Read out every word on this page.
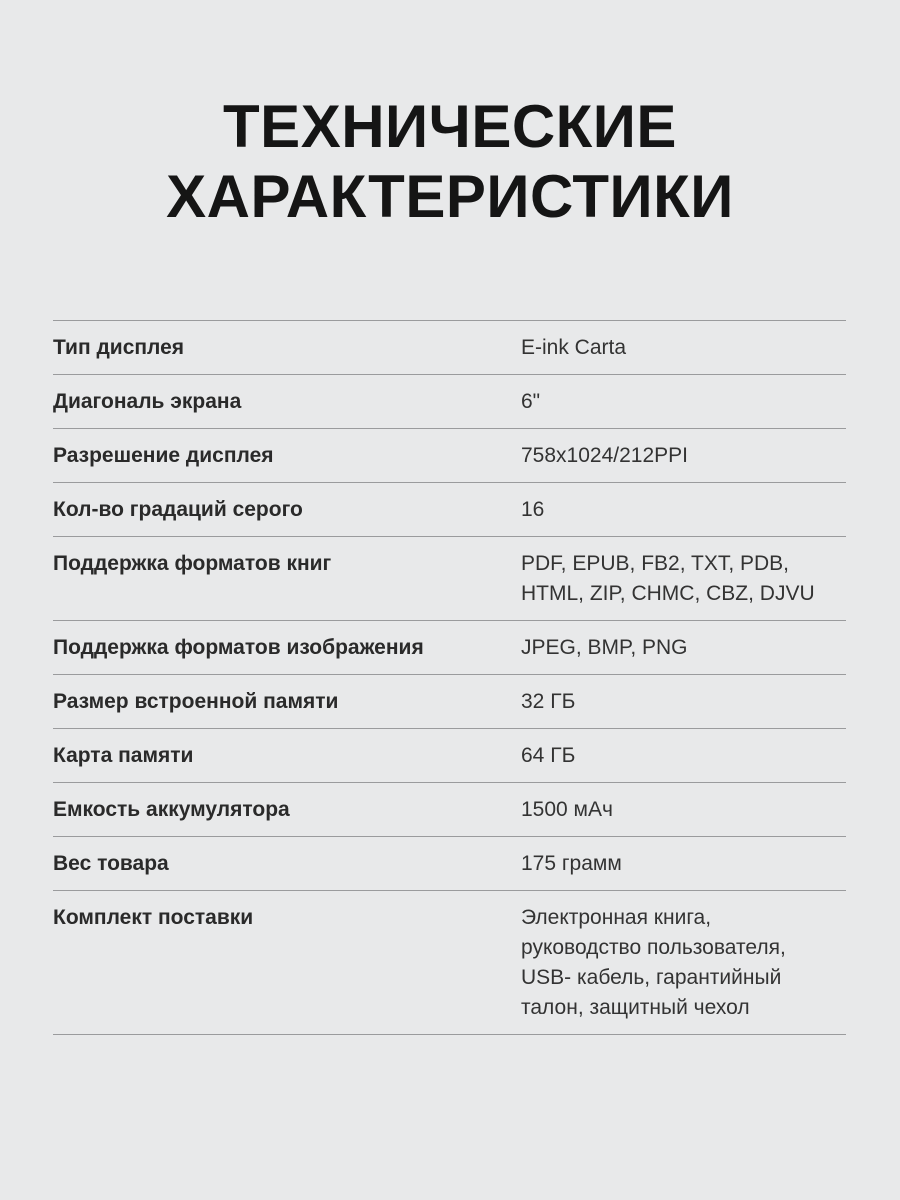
ТЕХНИЧЕСКИЕ
ХАРАКТЕРИСТИКИ
Тип дисплея	E-ink Carta
Диагональ экрана	6"
Разрешение дисплея	758x1024/212PPI
Кол-во градаций серого	16
Поддержка форматов книг	PDF, EPUB, FB2, TXT, PDB,
HTML, ZIP, CHMC, CBZ, DJVU
Поддержка форматов изображения	JPEG, BMP, PNG
Размер встроенной памяти	32 ГБ
Карта памяти	64 ГБ
Емкость аккумулятора	1500 мАч
Вес товара	175 грамм
Комплект поставки	Электронная книга,
руководство пользователя,
USB- кабель, гарантийный
талон, защитный чехол
